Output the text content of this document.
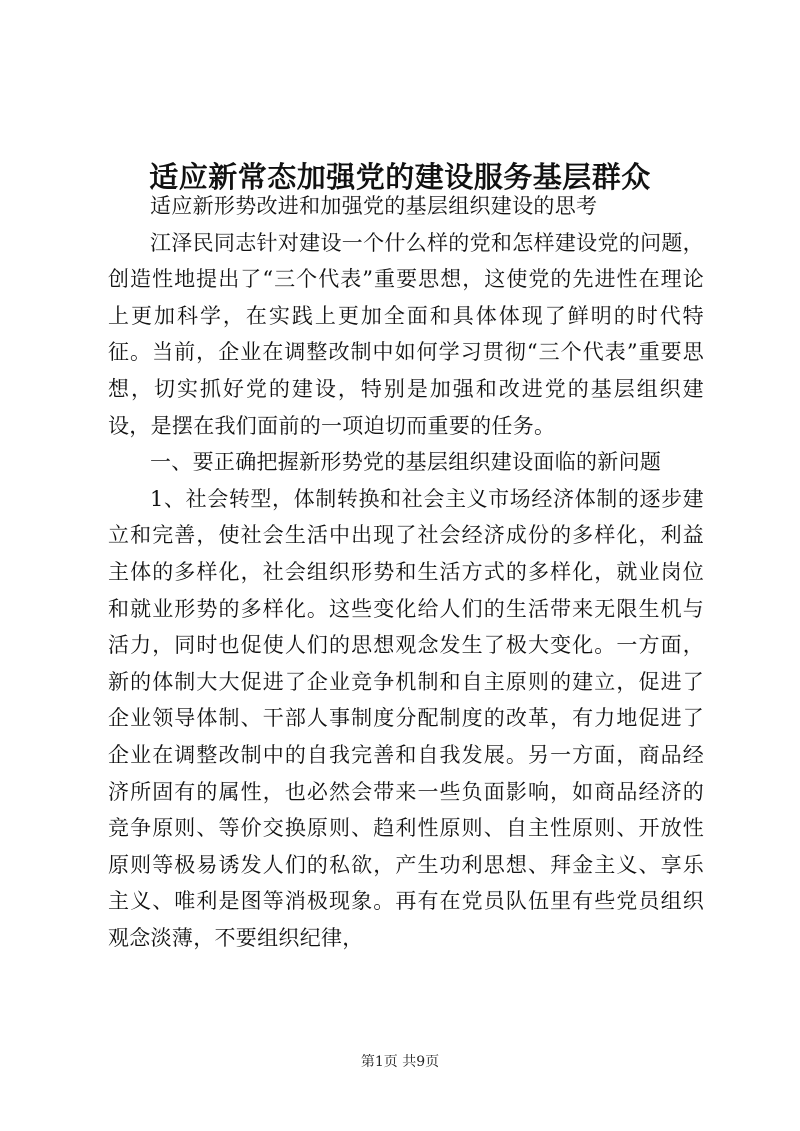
适应新常态加强党的建设服务基层群众

适应新形势改进和加强党的基层组织建设的思考

江泽民同志针对建设一个什么样的党和怎样建设党的问题，创造性地提出了“三个代表”重要思想，这使党的先进性在理论上更加科学，在实践上更加全面和具体体现了鲜明的时代特征。当前，企业在调整改制中如何学习贯彻“三个代表”重要思想，切实抓好党的建设，特别是加强和改进党的基层组织建设，是摆在我们面前的一项迫切而重要的任务。

一、要正确把握新形势党的基层组织建设面临的新问题

1、社会转型，体制转换和社会主义市场经济体制的逐步建立和完善，使社会生活中出现了社会经济成份的多样化，利益主体的多样化，社会组织形势和生活方式的多样化，就业岗位和就业形势的多样化。这些变化给人们的生活带来无限生机与活力，同时也促使人们的思想观念发生了极大变化。一方面，新的体制大大促进了企业竞争机制和自主原则的建立，促进了企业领导体制、干部人事制度分配制度的改革，有力地促进了企业在调整改制中的自我完善和自我发展。另一方面，商品经济所固有的属性，也必然会带来一些负面影响，如商品经济的竞争原则、等价交换原则、趋利性原则、自主性原则、开放性原则等极易诱发人们的私欲，产生功利思想、拜金主义、享乐主义、唯利是图等消极现象。再有在党员队伍里有些党员组织观念淡薄，不要组织纪律，

第1页 共9页
